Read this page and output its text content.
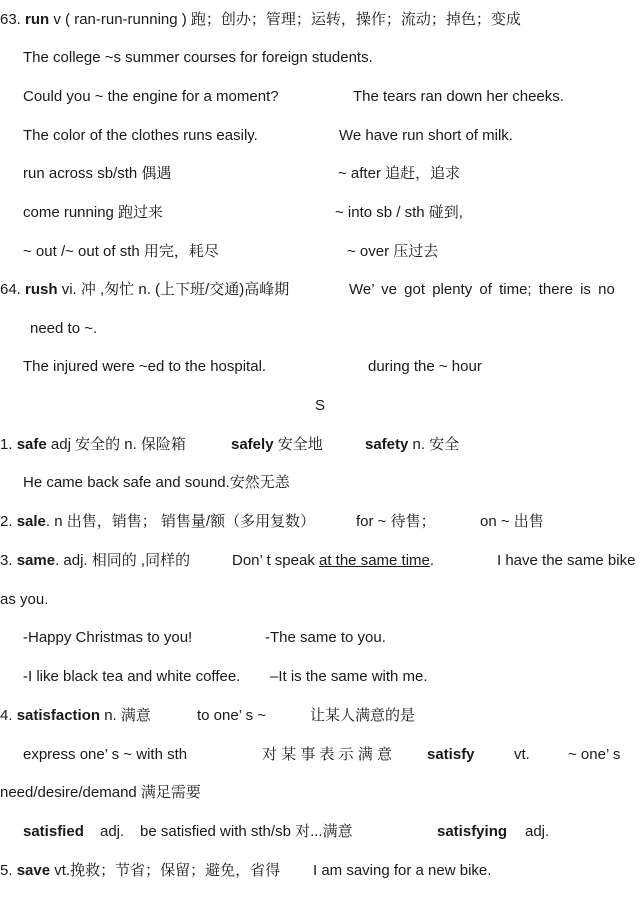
63. run v ( ran-run-running ) 跑；创办；管理；运转，操作；流动；掉色；变成
The college ~s summer courses for foreign students.
Could you ~ the engine for a moment?	The tears ran down her cheeks.
The color of the clothes runs easily.	We have run short of milk.
run across sb/sth 偶遇	~ after 追赶，追求
come running 跑过来	~ into sb / sth 碰到,
~ out /~ out of sth 用完，耗尽	~ over 压过去
64. rush vi. 冲 ,匆忙 n. (上下班/交通)高峰期	We’ ve got plenty of time; there is no
need to ~.
The injured were ~ed to the hospital.	during the ~ hour
S
1. safe adj 安全的 n. 保险箱	safely 安全地	safety n. 安全
He came back safe and sound.安然无恙
2. sale. n 出售，销售； 销售量/额（多用复数）	for ~ 待售；	on ~ 出售
3. same. adj. 相同的 ,同样的	Don’ t speak at the same time.	I have the same bike
as you.
-Happy Christmas to you!	-The same to you.
-I like black tea and white coffee. –It is the same with me.
4. satisfaction n. 满意	to one’ s ~	让某人满意的是
express one’ s ~ with sth	对 某 事 表 示 满 意 satisfy	vt.	~ one’ s
need/desire/demand 满足需要
satisfied adj. be satisfied with sth/sb 对...满意	satisfying adj.
5. save vt.挽救；节省；保留；避免，省得 I am saving for a new bike.
